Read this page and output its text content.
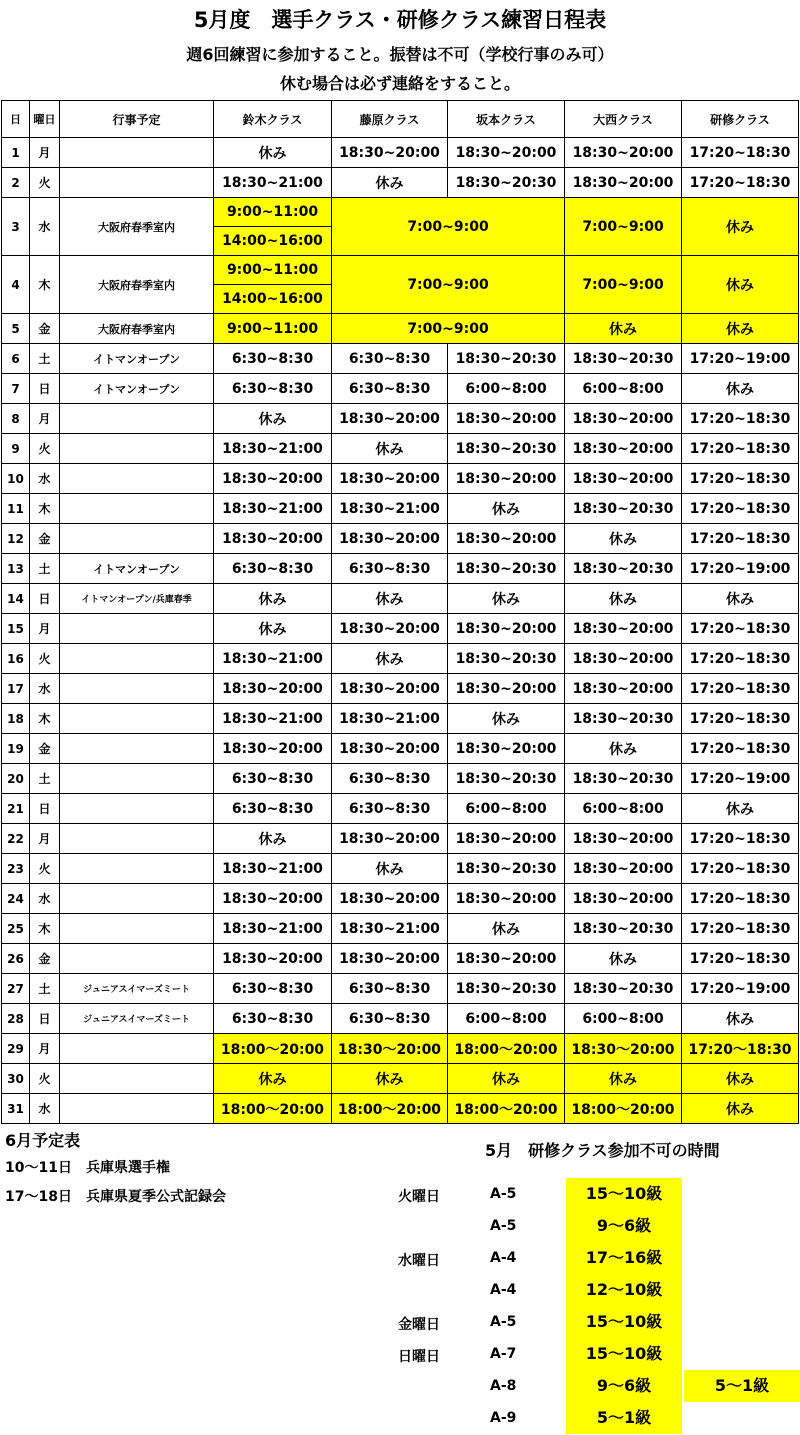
5月度　選手クラス・研修クラス練習日程表
週6回練習に参加すること。振替は不可（学校行事のみ可）
休む場合は必ず連絡をすること。
日	曜日	行事予定	鈴木クラス	藤原クラス	坂本クラス	大西クラス	研修クラス
1	月		休み	18:30~20:00	18:30~20:00	18:30~20:00	17:20~18:30
2	火		18:30~21:00	休み	18:30~20:30	18:30~20:00	17:20~18:30
3	水	大阪府春季室内	9:00~11:00	7:00~9:00		7:00~9:00	休み
			14:00~16:00				
4	木	大阪府春季室内	9:00~11:00	7:00~9:00		7:00~9:00	休み
			14:00~16:00				
5	金	大阪府春季室内	9:00~11:00	7:00~9:00		休み	休み
6	土	イトマンオープン	6:30~8:30	6:30~8:30	18:30~20:30	18:30~20:30	17:20~19:00
7	日	イトマンオープン	6:30~8:30	6:30~8:30	6:00~8:00	6:00~8:00	休み
8	月		休み	18:30~20:00	18:30~20:00	18:30~20:00	17:20~18:30
9	火		18:30~21:00	休み	18:30~20:30	18:30~20:00	17:20~18:30
10	水		18:30~20:00	18:30~20:00	18:30~20:00	18:30~20:00	17:20~18:30
11	木		18:30~21:00	18:30~21:00	休み	18:30~20:30	17:20~18:30
12	金		18:30~20:00	18:30~20:00	18:30~20:00	休み	17:20~18:30
13	土	イトマンオープン	6:30~8:30	6:30~8:30	18:30~20:30	18:30~20:30	17:20~19:00
14	日	イトマンオープン/兵庫春季	休み	休み	休み	休み	休み
15	月		休み	18:30~20:00	18:30~20:00	18:30~20:00	17:20~18:30
16	火		18:30~21:00	休み	18:30~20:30	18:30~20:00	17:20~18:30
17	水		18:30~20:00	18:30~20:00	18:30~20:00	18:30~20:00	17:20~18:30
18	木		18:30~21:00	18:30~21:00	休み	18:30~20:30	17:20~18:30
19	金		18:30~20:00	18:30~20:00	18:30~20:00	休み	17:20~18:30
20	土		6:30~8:30	6:30~8:30	18:30~20:30	18:30~20:30	17:20~19:00
21	日		6:30~8:30	6:30~8:30	6:00~8:00	6:00~8:00	休み
22	月		休み	18:30~20:00	18:30~20:00	18:30~20:00	17:20~18:30
23	火		18:30~21:00	休み	18:30~20:30	18:30~20:00	17:20~18:30
24	水		18:30~20:00	18:30~20:00	18:30~20:00	18:30~20:00	17:20~18:30
25	木		18:30~21:00	18:30~21:00	休み	18:30~20:30	17:20~18:30
26	金		18:30~20:00	18:30~20:00	18:30~20:00	休み	17:20~18:30
27	土	ジュニアスイマーズミート	6:30~8:30	6:30~8:30	18:30~20:30	18:30~20:30	17:20~19:00
28	日	ジュニアスイマーズミート	6:30~8:30	6:30~8:30	6:00~8:00	6:00~8:00	休み
29	月		18:00～20:00	18:30～20:00	18:00～20:00	18:30～20:00	17:20～18:30
30	火		休み	休み	休み	休み	休み
31	水		18:00～20:00	18:00～20:00	18:00～20:00	18:00～20:00	休み
6月予定表
10～11日　兵庫県選手権
17～18日　兵庫県夏季公式記録会
5月　研修クラス参加不可の時間
火曜日	A-5	15～10級
A-5	9～6級
水曜日	A-4	17～16級
A-4	12～10級
金曜日	A-5	15～10級
日曜日	A-7	15～10級
A-8	9～6級	5～1級
A-9	5～1級
